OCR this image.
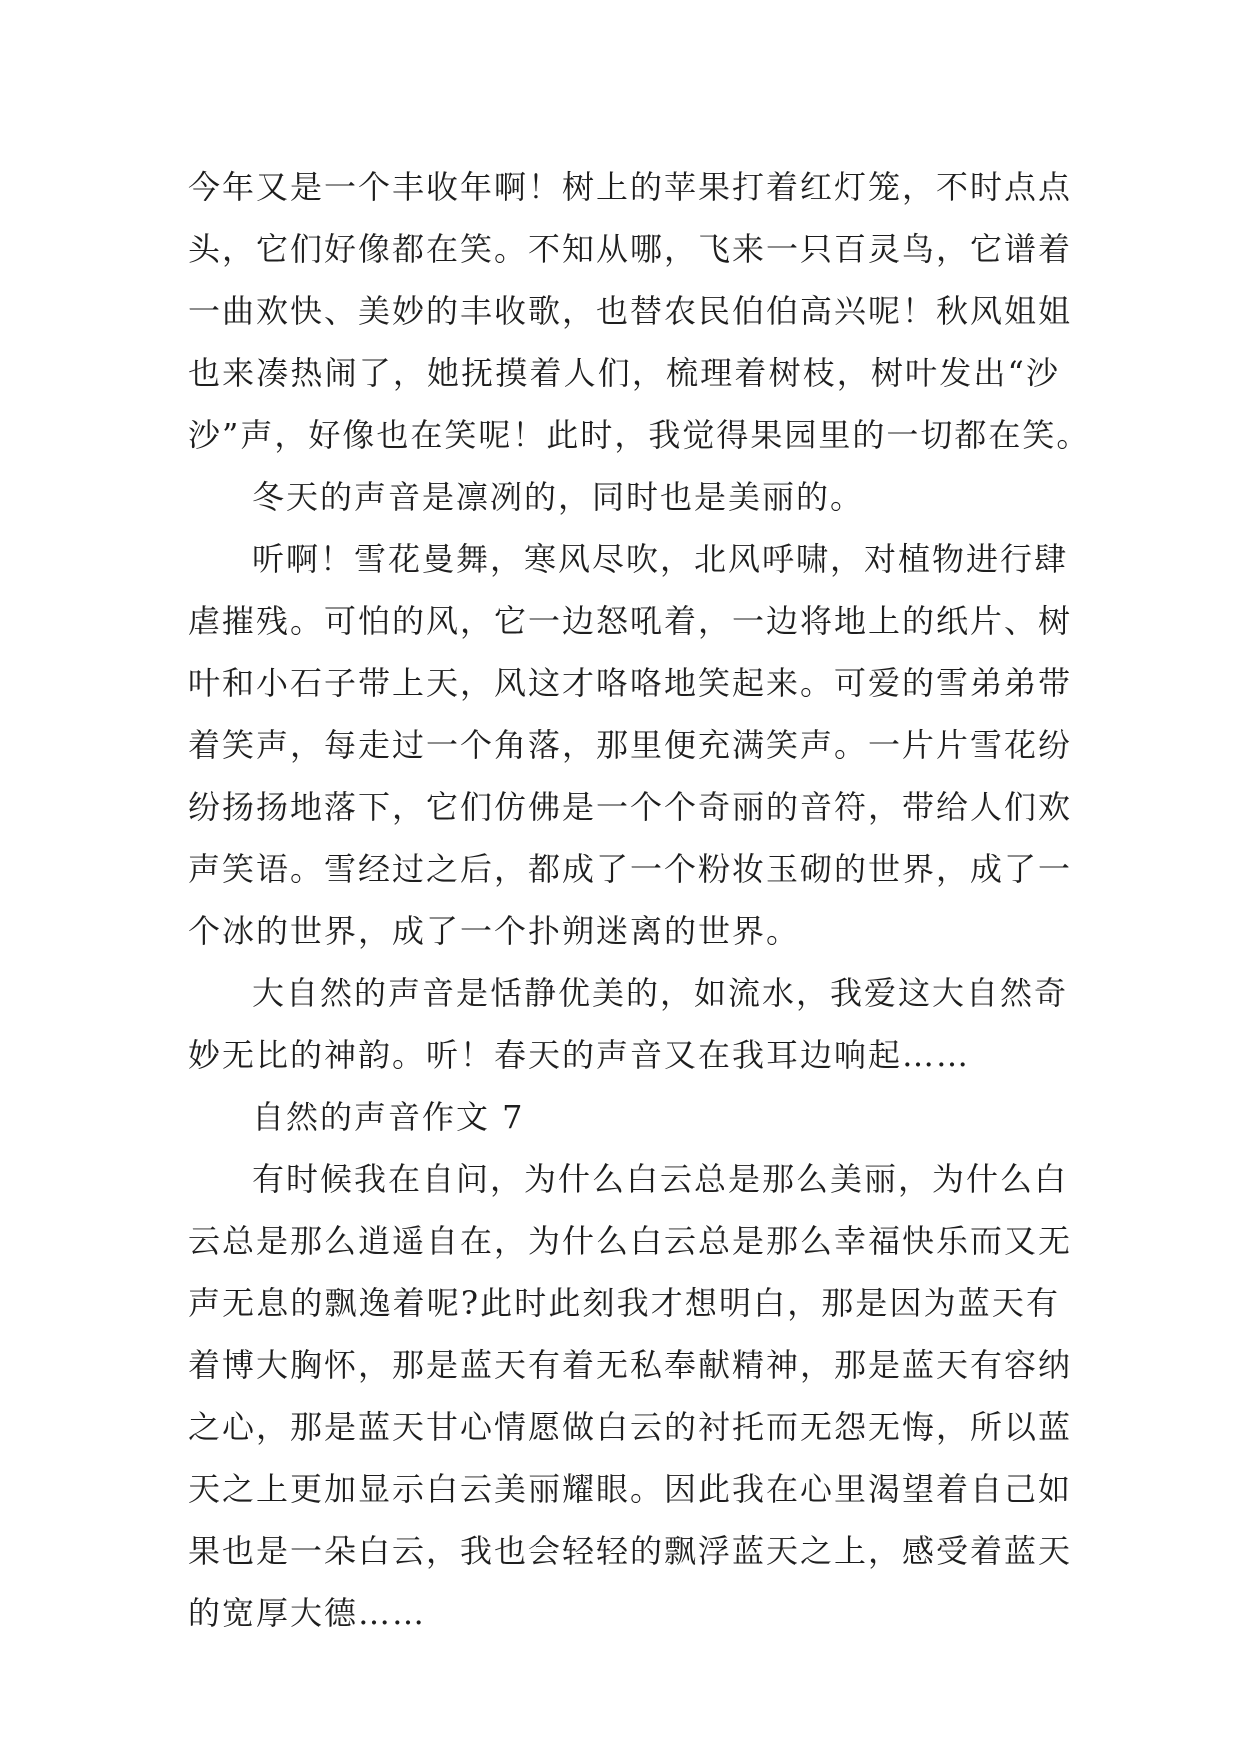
今年又是一个丰收年啊！树上的苹果打着红灯笼，不时点点
头，它们好像都在笑。不知从哪，飞来一只百灵鸟，它谱着
一曲欢快、美妙的丰收歌，也替农民伯伯高兴呢！秋风姐姐
也来凑热闹了，她抚摸着人们，梳理着树枝，树叶发出“沙
沙”声，好像也在笑呢！此时，我觉得果园里的一切都在笑。
冬天的声音是凛冽的，同时也是美丽的。
听啊！雪花曼舞，寒风尽吹，北风呼啸，对植物进行肆
虐摧残。可怕的风，它一边怒吼着，一边将地上的纸片、树
叶和小石子带上天，风这才咯咯地笑起来。可爱的雪弟弟带
着笑声，每走过一个角落，那里便充满笑声。一片片雪花纷
纷扬扬地落下，它们仿佛是一个个奇丽的音符，带给人们欢
声笑语。雪经过之后，都成了一个粉妆玉砌的世界，成了一
个冰的世界，成了一个扑朔迷离的世界。
大自然的声音是恬静优美的，如流水，我爱这大自然奇
妙无比的神韵。听！春天的声音又在我耳边响起……
自然的声音作文 7
有时候我在自问，为什么白云总是那么美丽，为什么白
云总是那么逍遥自在，为什么白云总是那么幸福快乐而又无
声无息的飘逸着呢?此时此刻我才想明白，那是因为蓝天有
着博大胸怀，那是蓝天有着无私奉献精神，那是蓝天有容纳
之心，那是蓝天甘心情愿做白云的衬托而无怨无悔，所以蓝
天之上更加显示白云美丽耀眼。因此我在心里渴望着自己如
果也是一朵白云，我也会轻轻的飘浮蓝天之上，感受着蓝天
的宽厚大德……
